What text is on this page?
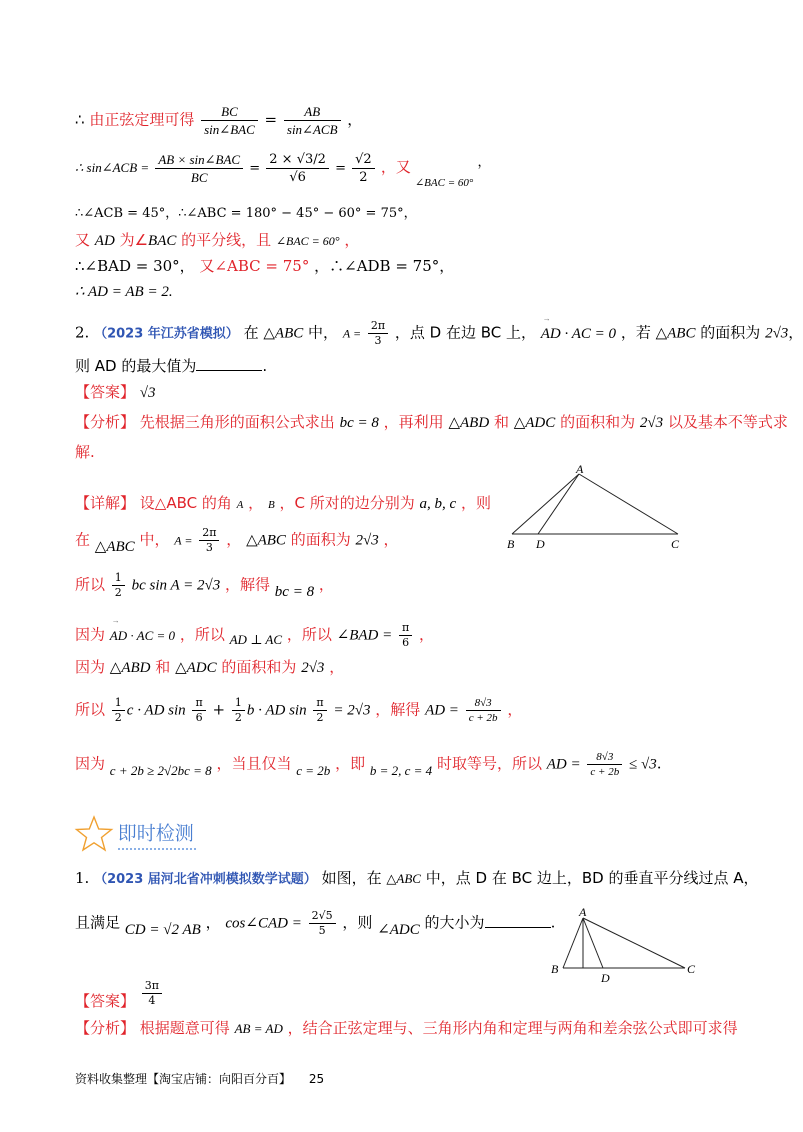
∴ 由正弦定理可得 $\frac{BC}{\text{sin∠BAC}} = \frac{AB}{\text{sin∠ACB}}$ ，
∴ sin∠ACB = $\frac{\text{AB × sin∠BAC}}{BC} = \frac{2 \times √3/2}{√6} = \frac{√2}{2}$ ，又 $_{\angle BAC = 60^\circ}$ ，
∴∠ACB = 45°，∴∠ABC = 180° − 45° − 60° = 75°，
又 AD 为∠BAC 的平分线，且 ∠BAC = 60° ，
∴∠BAD = 30°， 又∠ABC = 75° ，∴∠ADB = 75°，
∴ AD = AB = 2.
2. （2023 年江苏省模拟） 在 △ABC 中， $A = \frac{2\pi}{3}$ ，点 D 在边 BC 上， → AD · AC = 0 ，若 △ABC 的面积为 2√3，
则 AD 的最大值为	.
【答案】 √3
【分析】 先根据三角形的面积公式求出 bc = 8 ，再利用 △ABD 和 △ADC 的面积和为 2√3 以及基本不等式求
解.
【详解】 设△ABC 的角 A ， B ，C 所对的边分别为 a, b, c ，则
在 △ABC 中， $A = \frac{2\pi}{3}$ ， △ABC 的面积为 2√3 ，
所以 $\frac{1}{2}$ bc sin A = 2√3 ，解得 bc = 8 ，
因为 → AD · AC = 0 ，所以 AD ⊥ AC ，所以 ∠BAD = $\frac{\pi}{6}$ ，
因为 △ABD 和 △ADC 的面积和为 2√3 ，
所以 $\frac{1}{2}$ c · AD $\sin \frac{\pi}{6} + \frac{1}{2}$ b · AD $\sin \frac{\pi}{2} = 2√3$ ，解得 AD = $\frac{8√3}{c + 2b}$ ，
因为 c + 2b ≥ 2√2bc = 8 ，当且仅当 c = 2b ，即 b = 2, c = 4 时取等号，所以 AD = $\frac{8√3}{c + 2b} \le √3$.
A
B D	C
即时检测
1. （2023 届河北省冲刺模拟数学试题） 如图，在 △ABC 中，点 D 在 BC 边上，BD 的垂直平分线过点 A，
且满足 CD = √2 AB ， cos∠CAD = $\frac{2√5}{5}$ ，则 ∠ADC 的大小为	.
【答案】 $\frac{3\pi}{4}$
【分析】 根据题意可得 AB = AD ，结合正弦定理与、三角形内角和定理与两角和差余弦公式即可求得
A
B
D
C
资料收集整理【淘宝店铺：向阳百分百】 25
